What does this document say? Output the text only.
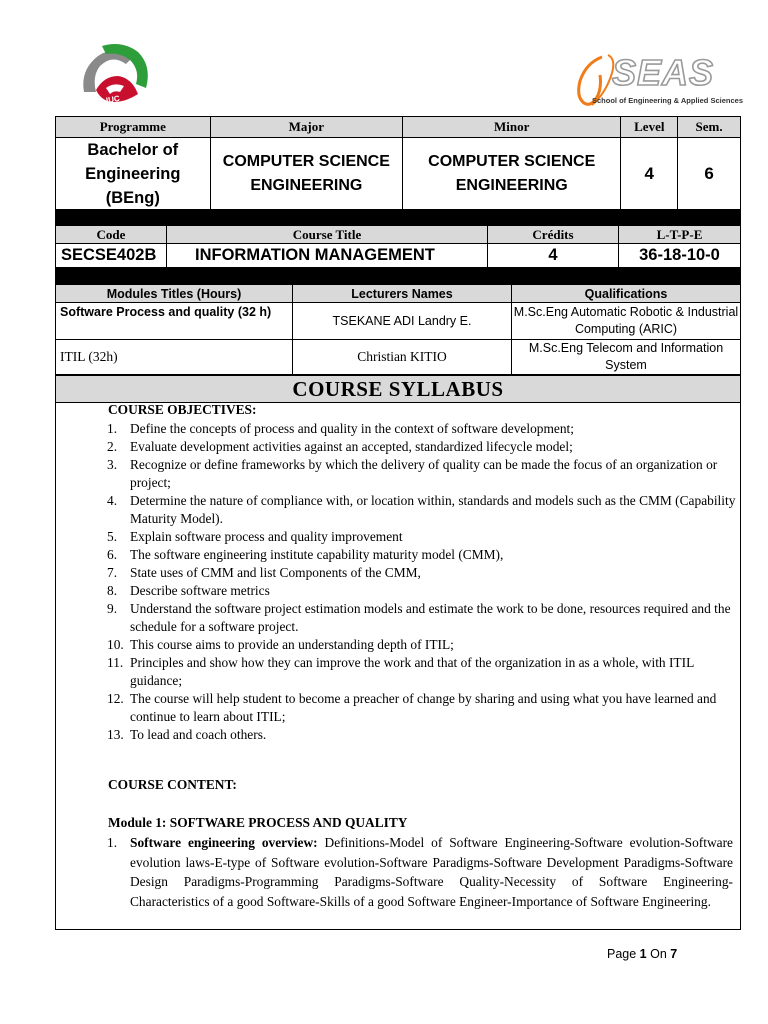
IUC
SEAS
School of Engineering & Applied Sciences
Programme	Major	Minor	Level	Sem.
Bachelor of Engineering (BEng)	COMPUTER SCIENCE ENGINEERING	COMPUTER SCIENCE ENGINEERING	4	6
Code	Course Title	Crédits	L-T-P-E
SECSE402B	INFORMATION MANAGEMENT	4	36-18-10-0
Modules Titles (Hours)	Lecturers Names	Qualifications
Software Process and quality (32 h)	TSEKANE ADI Landry E.	M.Sc.Eng Automatic Robotic & Industrial Computing (ARIC)
ITIL (32h)	Christian KITIO	M.Sc.Eng Telecom and Information System
COURSE SYLLABUS
COURSE OBJECTIVES:
1. Define the concepts of process and quality in the context of software development;
2. Evaluate development activities against an accepted, standardized lifecycle model;
3. Recognize or define frameworks by which the delivery of quality can be made the focus of an organization or project;
4. Determine the nature of compliance with, or location within, standards and models such as the CMM (Capability Maturity Model).
5. Explain software process and quality improvement
6. The software engineering institute capability maturity model (CMM),
7. State uses of CMM and list Components of the CMM,
8. Describe software metrics
9. Understand the software project estimation models and estimate the work to be done, resources required and the schedule for a software project.
10. This course aims to provide an understanding depth of ITIL;
11. Principles and show how they can improve the work and that of the organization in as a whole, with ITIL guidance;
12. The course will help student to become a preacher of change by sharing and using what you have learned and continue to learn about ITIL;
13. To lead and coach others.
COURSE CONTENT:
Module 1: SOFTWARE PROCESS AND QUALITY
1. Software engineering overview: Definitions-Model of Software Engineering-Software evolution-Software evolution laws-E-type of Software evolution-Software Paradigms-Software Development Paradigms-Software Design Paradigms-Programming Paradigms-Software Quality-Necessity of Software Engineering-Characteristics of a good Software-Skills of a good Software Engineer-Importance of Software Engineering.
Page 1 On 7
